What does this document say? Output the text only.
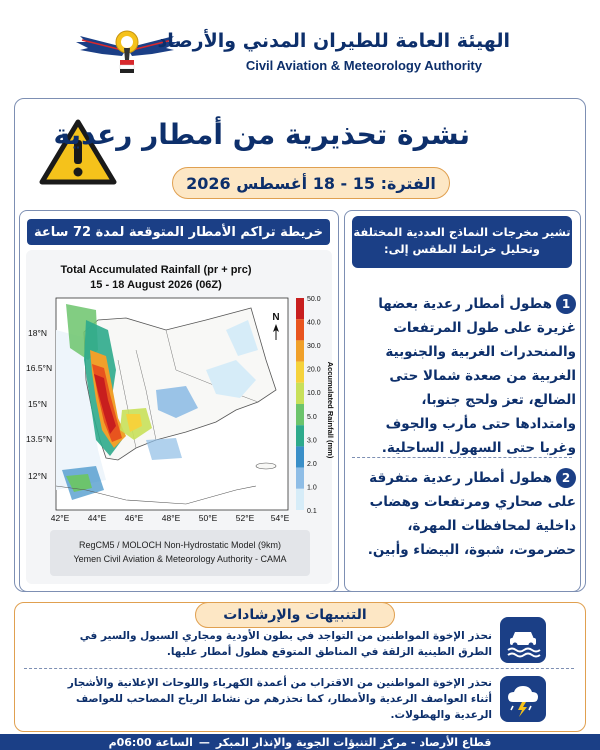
الهيئة العامة للطيران المدني والأرصاد
Civil Aviation & Meteorology Authority
نشرة تحذيرية من أمطار رعدية
الفترة: 15 - 18 أغسطس 2026
خريطة تراكم الأمطار المتوقعة لمدة 72 ساعة
Total Accumulated Rainfall (pr + prc)
15 - 18 August 2026 (06Z)
N
18°N
16.5°N
15°N
13.5°N
12°N
42°E 44°E 46°E 48°E 50°E 52°E 54°E
50.0
40.0
30.0
20.0
10.0
5.0
3.0
2.0
1.0
0.1
Accumulated Rainfall (mm)
RegCM5 / MOLOCH Non-Hydrostatic Model (9km)
Yemen Civil Aviation & Meteorology Authority - CAMA
تشير مخرجات النماذج العددية المختلفة
وتحليل خرائط الطقس إلى:
1هطول أمطار رعدية بعضها غزيرة على طول المرتفعات والمنحدرات الغربية والجنوبية الغربية من صعدة شمالا حتى الضالع، تعز ولحج جنوبا، وامتدادها حتى مأرب والجوف وغربا حتى السهول الساحلية.
2هطول أمطار رعدية متفرقة على صحاري ومرتفعات وهضاب داخلية لمحافظات المهرة، حضرموت، شبوة، البيضاء وأبين.
التنبيهات والإرشادات
نحذر الإخوة المواطنين من التواجد في بطون الأودية ومجاري السيول والسير في الطرق الطينية الزلقة في المناطق المتوقع هطول أمطار عليها.
نحذر الإخوة المواطنين من الاقتراب من أعمدة الكهرباء واللوحات الإعلانية والأشجار أثناء العواصف الرعدية والأمطار، كما نحذرهم من نشاط الرياح المصاحب للعواصف الرعدية والهطولات.
قطاع الأرصاد - مركز التنبؤات الجوية والإنذار المبكر
—
الساعة 06:00م
